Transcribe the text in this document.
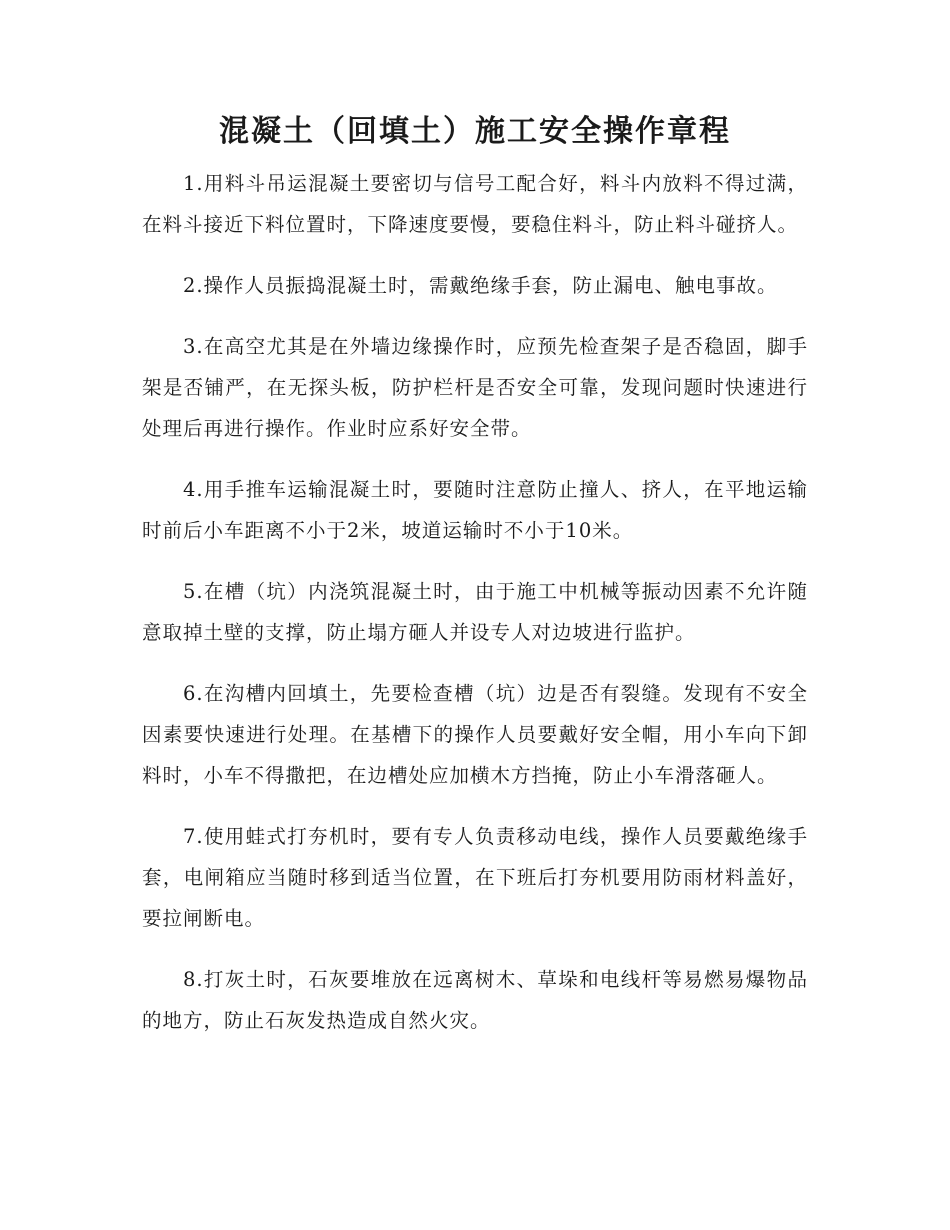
混凝土（回填土）施工安全操作章程

1.用料斗吊运混凝土要密切与信号工配合好，料斗内放料不得过满，在料斗接近下料位置时，下降速度要慢，要稳住料斗，防止料斗碰挤人。

2.操作人员振捣混凝土时，需戴绝缘手套，防止漏电、触电事故。

3.在高空尤其是在外墙边缘操作时，应预先检查架子是否稳固，脚手架是否铺严，在无探头板，防护栏杆是否安全可靠，发现问题时快速进行处理后再进行操作。作业时应系好安全带。

4.用手推车运输混凝土时，要随时注意防止撞人、挤人，在平地运输时前后小车距离不小于2米，坡道运输时不小于10米。

5.在槽（坑）内浇筑混凝土时，由于施工中机械等振动因素不允许随意取掉土壁的支撑，防止塌方砸人并设专人对边坡进行监护。

6.在沟槽内回填土，先要检查槽（坑）边是否有裂缝。发现有不安全因素要快速进行处理。在基槽下的操作人员要戴好安全帽，用小车向下卸料时，小车不得撒把，在边槽处应加横木方挡掩，防止小车滑落砸人。

7.使用蛙式打夯机时，要有专人负责移动电线，操作人员要戴绝缘手套，电闸箱应当随时移到适当位置，在下班后打夯机要用防雨材料盖好，要拉闸断电。

8.打灰土时，石灰要堆放在远离树木、草垛和电线杆等易燃易爆物品的地方，防止石灰发热造成自然火灾。
